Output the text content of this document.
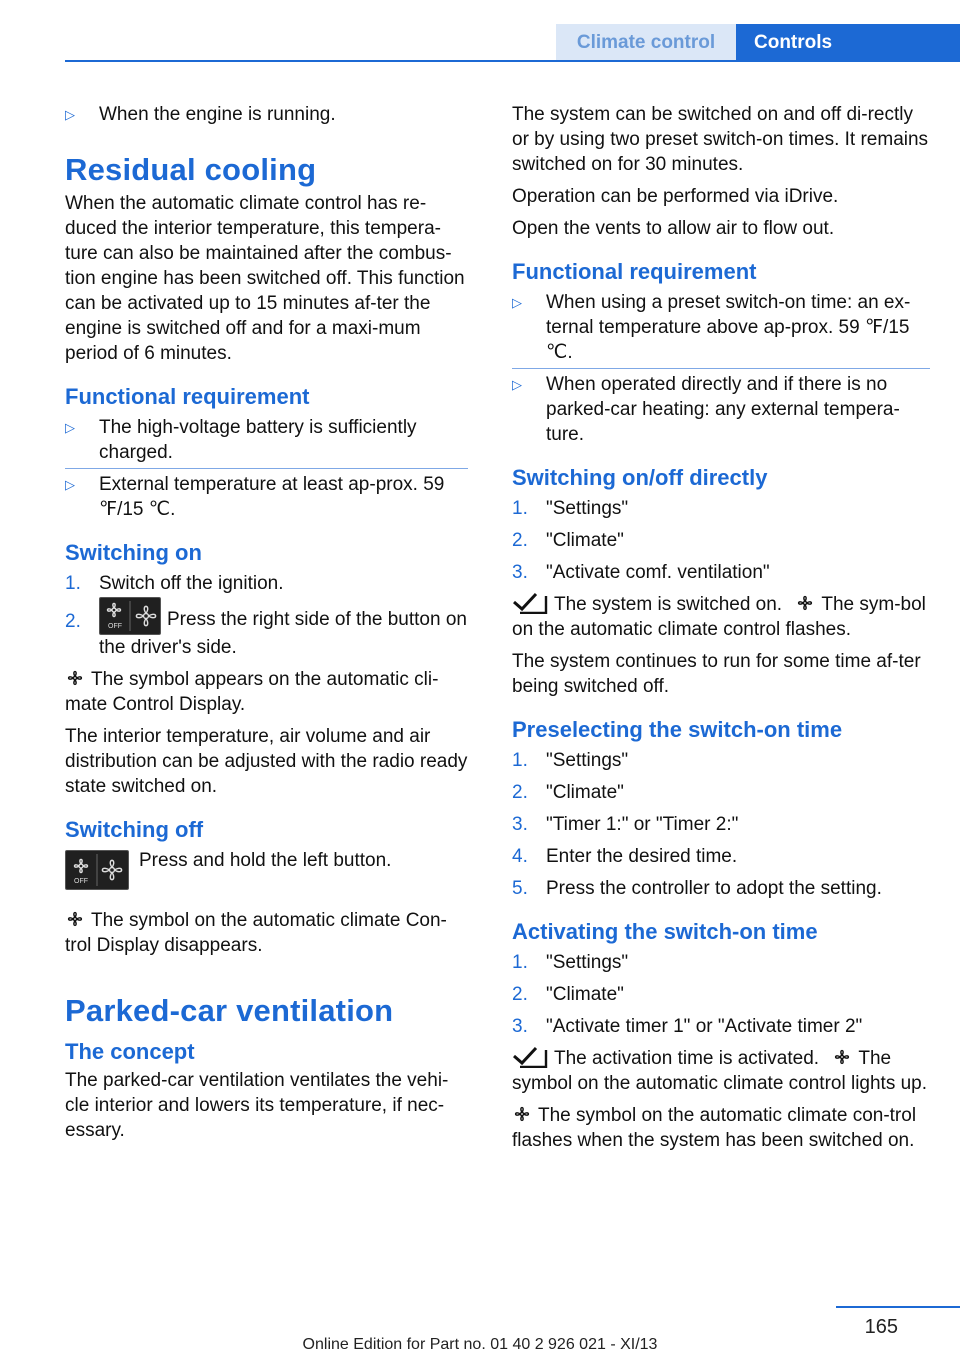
Climate control	Controls
▷ When the engine is running.
Residual cooling

When the automatic climate control has re-duced the interior temperature, this tempera-ture can also be maintained after the combus-tion engine has been switched off. This function can be activated up to 15 minutes af-ter the engine is switched off and for a maxi-mum period of 6 minutes.

Functional requirement
▷ The high-voltage battery is sufficiently charged.
▷ External temperature at least ap-prox. 59 ℉/15 ℃.
Switching on
1. Switch off the ignition.
2.	OFF Press the right side of the button on the driver's side.

The symbol appears on the automatic cli-mate Control Display.

The interior temperature, air volume and air distribution can be adjusted with the radio ready state switched on.

Switching off
OFF
Press and hold the left button.

The symbol on the automatic climate Con-trol Display disappears.

Parked-car ventilation
The concept

The parked-car ventilation ventilates the vehi-cle interior and lowers its temperature, if nec-essary.

The system can be switched on and off di-rectly or by using two preset switch-on times. It remains switched on for 30 minutes.

Operation can be performed via iDrive.

Open the vents to allow air to flow out.

Functional requirement
▷ When using a preset switch-on time: an ex-ternal temperature above ap-prox. 59 ℉/15 ℃.
▷ When operated directly and if there is no parked-car heating: any external tempera-ture.
Switching on/off directly
1. "Settings"
2. "Climate"
3. "Activate comf. ventilation"

The system is switched on. The sym-bol on the automatic climate control flashes.

The system continues to run for some time af-ter being switched off.

Preselecting the switch-on time
1. "Settings"
2. "Climate"
3. "Timer 1:" or "Timer 2:"
4. Enter the desired time.
5. Press the controller to adopt the setting.
Activating the switch-on time
1. "Settings"
2. "Climate"
3. "Activate timer 1" or "Activate timer 2"

The activation time is activated. The symbol on the automatic climate control lights up.

The symbol on the automatic climate con-trol flashes when the system has been switched on.

165
Online Edition for Part no. 01 40 2 926 021 - XI/13
